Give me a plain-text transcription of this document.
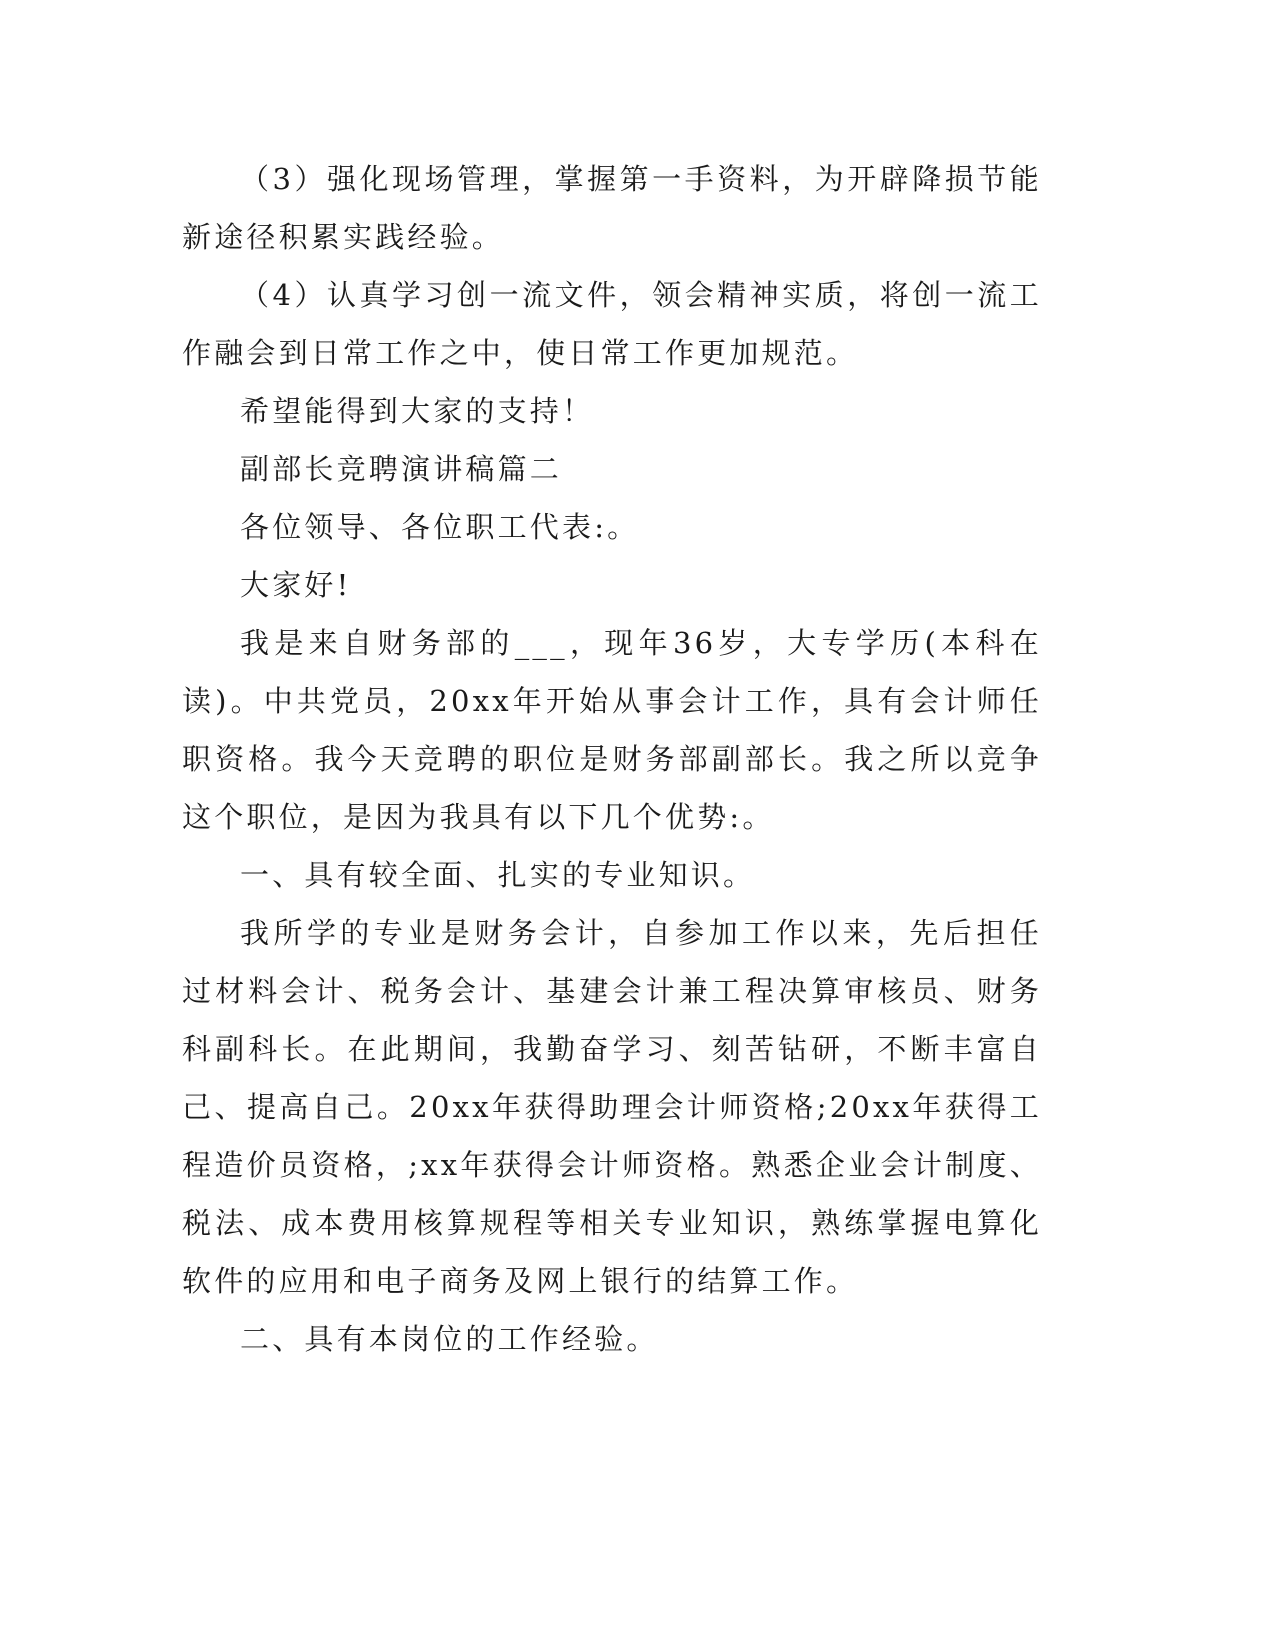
（3）强化现场管理，掌握第一手资料，为开辟降损节能新途径积累实践经验。

（4）认真学习创一流文件，领会精神实质，将创一流工作融会到日常工作之中，使日常工作更加规范。

希望能得到大家的支持！

副部长竞聘演讲稿篇二

各位领导、各位职工代表:。

大家好!

我是来自财务部的___，现年36岁，大专学历(本科在读)。中共党员，20xx年开始从事会计工作，具有会计师任职资格。我今天竞聘的职位是财务部副部长。我之所以竞争这个职位，是因为我具有以下几个优势:。

一、具有较全面、扎实的专业知识。

我所学的专业是财务会计，自参加工作以来，先后担任过材料会计、税务会计、基建会计兼工程决算审核员、财务科副科长。在此期间，我勤奋学习、刻苦钻研，不断丰富自己、提高自己。20xx年获得助理会计师资格;20xx年获得工程造价员资格，;xx年获得会计师资格。熟悉企业会计制度、税法、成本费用核算规程等相关专业知识，熟练掌握电算化软件的应用和电子商务及网上银行的结算工作。

二、具有本岗位的工作经验。
